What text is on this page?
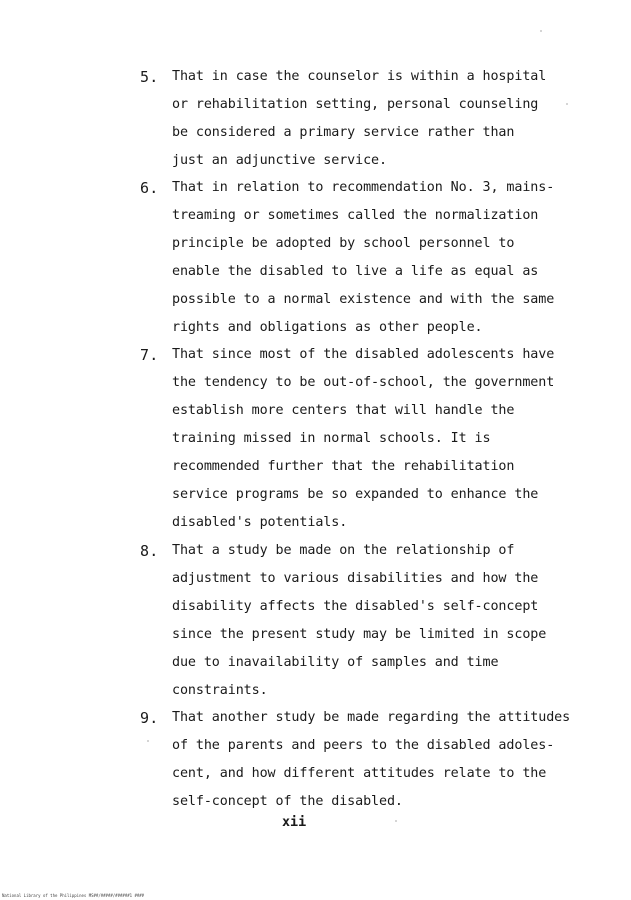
5. That in case the counselor is within a hospital
or rehabilitation setting, personal counseling
be considered a primary service rather than
just an adjunctive service.
6. That in relation to recommendation No. 3, mains-
treaming or sometimes called the normalization
principle be adopted by school personnel to
enable the disabled to live a life as equal as
possible to a normal existence and with the same
rights and obligations as other people.
7. That since most of the disabled adolescents have
the tendency to be out-of-school, the government
establish more centers that will handle the
training missed in normal schools. It is
recommended further that the rehabilitation
service programs be so expanded to enhance the
disabled's potentials.
8. That a study be made on the relationship of
adjustment to various disabilities and how the
disability affects the disabled's self-concept
since the present study may be limited in scope
due to inavailability of samples and time
constraints.
9. That another study be made regarding the attitudes
of the parents and peers to the disabled adoles-
cent, and how different attitudes relate to the
self-concept of the disabled.
xii
National Library of the Philippines MS##/#####/######1 ####
